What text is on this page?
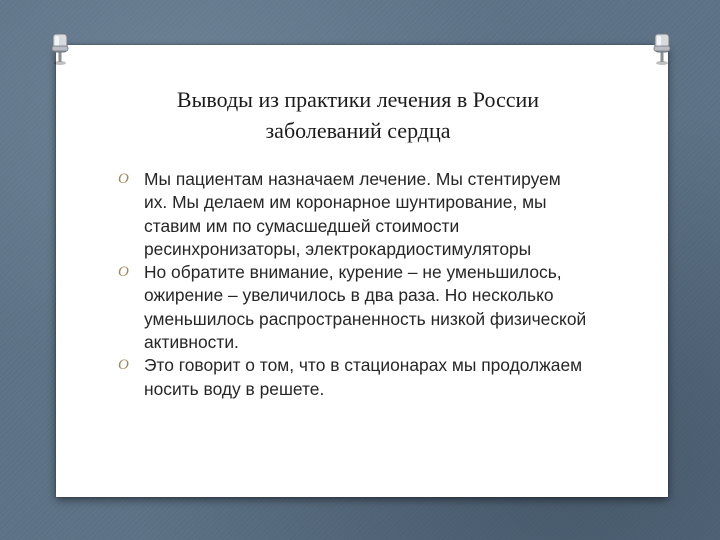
Выводы из практики лечения в России
заболеваний сердца
O Мы пациентам назначаем лечение. Мы стентируем их. Мы делаем им коронарное шунтирование, мы ставим им по сумасшедшей стоимости ресинхронизаторы, электрокардиостимуляторы
O Но обратите внимание, курение – не уменьшилось, ожирение – увеличилось в два раза. Но несколько уменьшилось распространенность низкой физической активности.
O Это говорит о том, что в стационарах мы продолжаем носить воду в решете.
